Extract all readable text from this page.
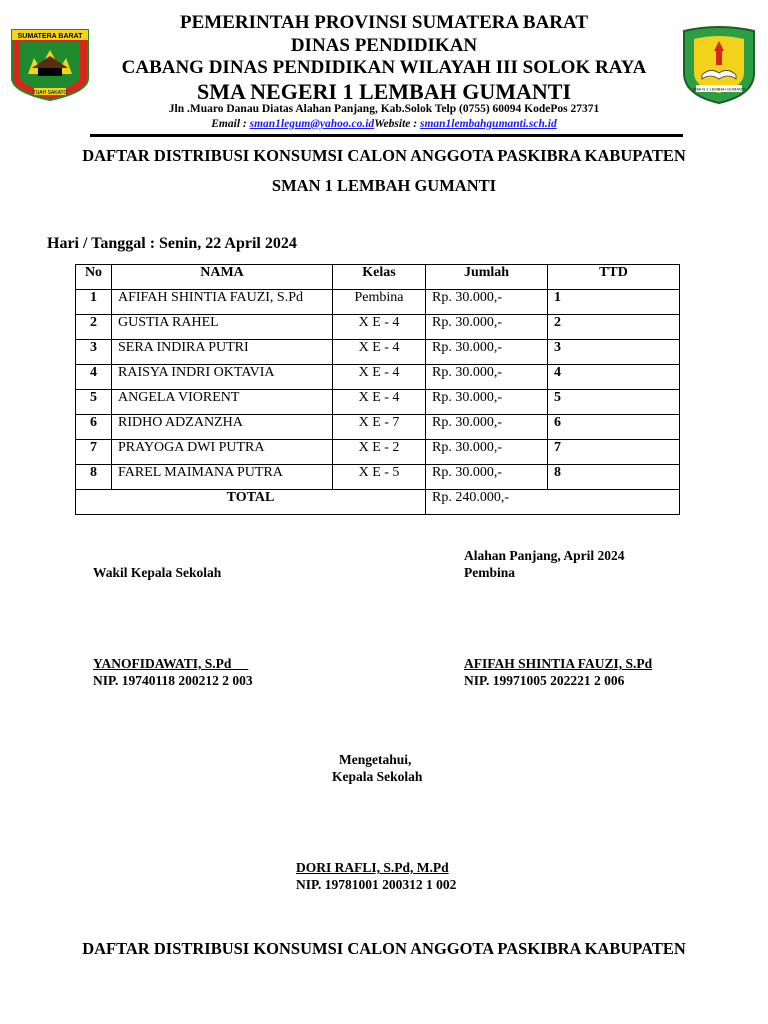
SUMATERA BARAT
TUAH SAKATO
SMA N 1 LEMBAH GUMANTI
PEMERINTAH PROVINSI SUMATERA BARAT
DINAS PENDIDIKAN
CABANG DINAS PENDIDIKAN WILAYAH III SOLOK RAYA
SMA NEGERI 1 LEMBAH GUMANTI
Jln .Muaro Danau Diatas Alahan Panjang, Kab.Solok Telp (0755) 60094 KodePos 27371
Email : sman1legum@yahoo.co.idWebsite : sman1lembahgumanti.sch.id
DAFTAR DISTRIBUSI KONSUMSI CALON ANGGOTA PASKIBRA KABUPATEN
SMAN 1 LEMBAH GUMANTI
Hari / Tanggal : Senin, 22 April 2024
No	NAMA	Kelas	Jumlah	TTD
1	AFIFAH SHINTIA FAUZI, S.Pd	Pembina	Rp. 30.000,-	1
2	GUSTIA RAHEL	X E - 4	Rp. 30.000,-	2
3	SERA INDIRA PUTRI	X E - 4	Rp. 30.000,-	3
4	RAISYA INDRI OKTAVIA	X E - 4	Rp. 30.000,-	4
5	ANGELA VIORENT	X E - 4	Rp. 30.000,-	5
6	RIDHO ADZANZHA	X E - 7	Rp. 30.000,-	6
7	PRAYOGA DWI PUTRA	X E - 2	Rp. 30.000,-	7
8	FAREL MAIMANA PUTRA	X E - 5	Rp. 30.000,-	8
TOTAL			Rp. 240.000,-	
Alahan Panjang, April 2024
Wakil Kepala Sekolah	Pembina
YANOFIDAWATI, S.Pd
NIP. 19740118 200212 2 003
AFIFAH SHINTIA FAUZI, S.Pd
NIP. 19971005 202221 2 006
Mengetahui,
Kepala Sekolah
DORI RAFLI, S.Pd, M.Pd
NIP. 19781001 200312 1 002
DAFTAR DISTRIBUSI KONSUMSI CALON ANGGOTA PASKIBRA KABUPATEN
